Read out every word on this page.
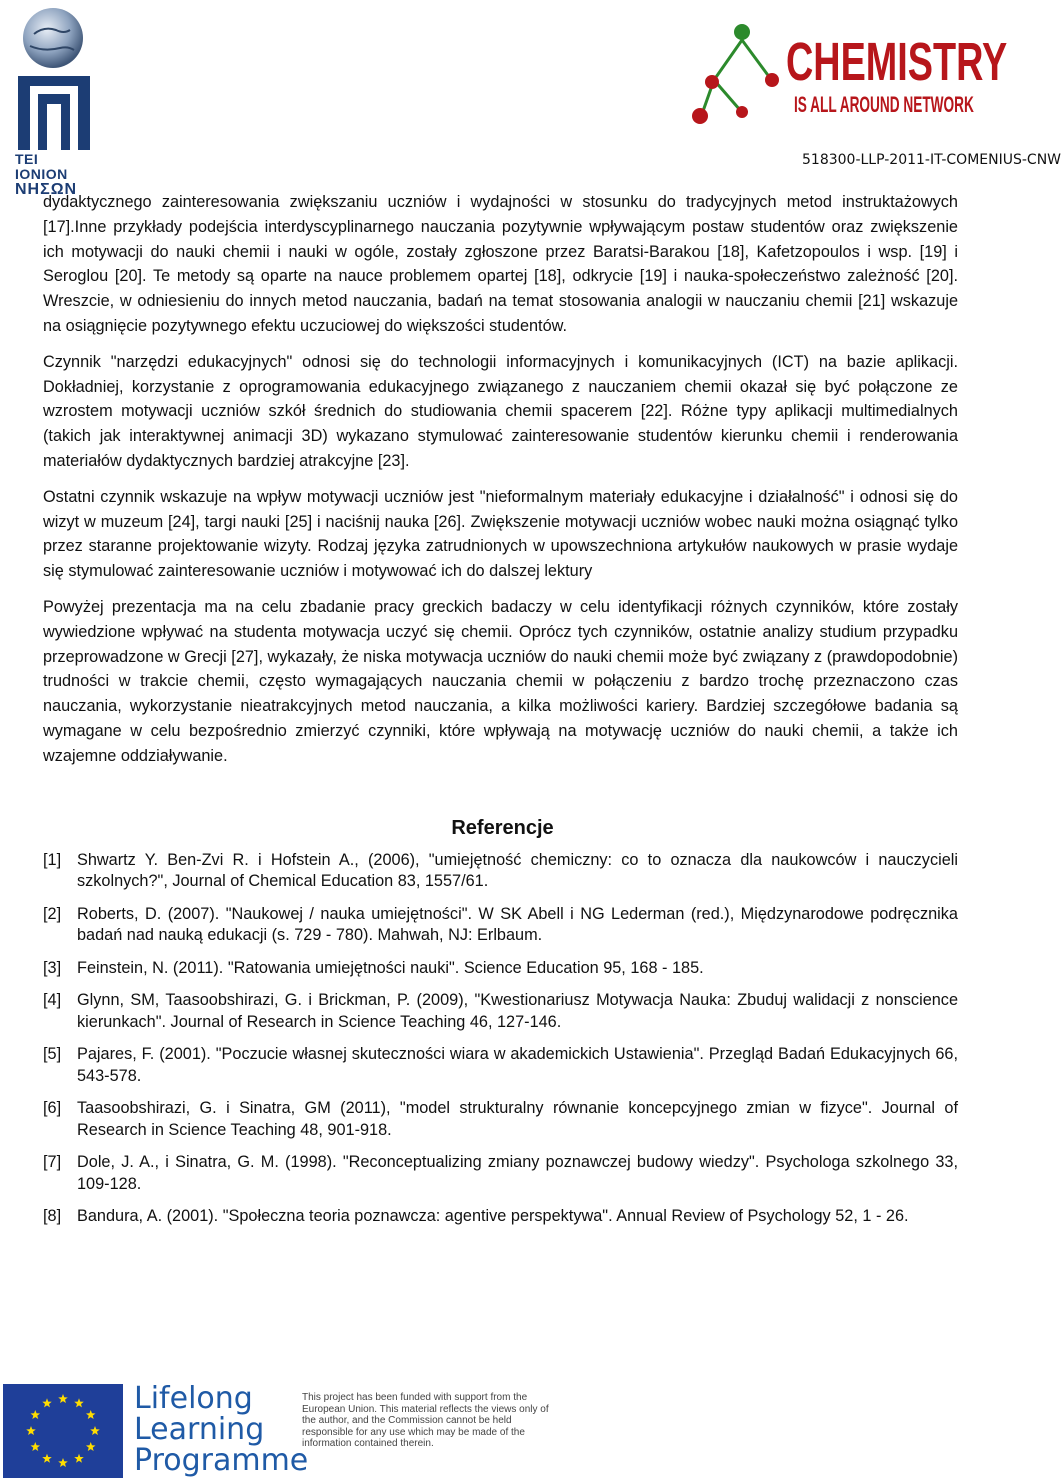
TEI IONION
ΝΗΣΩΝ
CHEMISTRY
IS ALL AROUND NETWORK
518300-LLP-2011-IT-COMENIUS-CNW

dydaktycznego zainteresowania zwiększaniu uczniów i wydajności w stosunku do tradycyjnych metod instruktażowych [17].Inne przykłady podejścia interdyscyplinarnego nauczania pozytywnie wpływającym postaw studentów oraz zwiększenie ich motywacji do nauki chemii i nauki w ogóle, zostały zgłoszone przez Baratsi-Barakou [18], Kafetzopoulos i wsp. [19] i Seroglou [20]. Te metody są oparte na nauce problemem opartej [18], odkrycie [19] i nauka-społeczeństwo zależność [20]. Wreszcie, w odniesieniu do innych metod nauczania, badań na temat stosowania analogii w nauczaniu chemii [21] wskazuje na osiągnięcie pozytywnego efektu uczuciowej do większości studentów.

Czynnik "narzędzi edukacyjnych" odnosi się do technologii informacyjnych i komunikacyjnych (ICT) na bazie aplikacji. Dokładniej, korzystanie z oprogramowania edukacyjnego związanego z nauczaniem chemii okazał się być połączone ze wzrostem motywacji uczniów szkół średnich do studiowania chemii spacerem [22]. Różne typy aplikacji multimedialnych (takich jak interaktywnej animacji 3D) wykazano stymulować zainteresowanie studentów kierunku chemii i renderowania materiałów dydaktycznych bardziej atrakcyjne [23].

Ostatni czynnik wskazuje na wpływ motywacji uczniów jest "nieformalnym materiały edukacyjne i działalność" i odnosi się do wizyt w muzeum [24], targi nauki [25] i naciśnij nauka [26]. Zwiększenie motywacji uczniów wobec nauki można osiągnąć tylko przez staranne projektowanie wizyty. Rodzaj języka zatrudnionych w upowszechniona artykułów naukowych w prasie wydaje się stymulować zainteresowanie uczniów i motywować ich do dalszej lektury

Powyżej prezentacja ma na celu zbadanie pracy greckich badaczy w celu identyfikacji różnych czynników, które zostały wywiedzione wpływać na studenta motywacja uczyć się chemii. Oprócz tych czynników, ostatnie analizy studium przypadku przeprowadzone w Grecji [27], wykazały, że niska motywacja uczniów do nauki chemii może być związany z (prawdopodobnie) trudności w trakcie chemii, często wymagających nauczania chemii w połączeniu z bardzo trochę przeznaczono czas nauczania, wykorzystanie nieatrakcyjnych metod nauczania, a kilka możliwości kariery. Bardziej szczegółowe badania są wymagane w celu bezpośrednio zmierzyć czynniki, które wpływają na motywację uczniów do nauki chemii, a także ich wzajemne oddziaływanie.

Referencje
[1] Shwartz Y. Ben-Zvi R. i Hofstein A., (2006), "umiejętność chemiczny: co to oznacza dla naukowców i nauczycieli szkolnych?", Journal of Chemical Education 83, 1557/61.
[2] Roberts, D. (2007). "Naukowej / nauka umiejętności". W SK Abell i NG Lederman (red.), Międzynarodowe podręcznika badań nad nauką edukacji (s. 729 - 780). Mahwah, NJ: Erlbaum.
[3] Feinstein, N. (2011). "Ratowania umiejętności nauki". Science Education 95, 168 - 185.
[4] Glynn, SM, Taasoobshirazi, G. i Brickman, P. (2009), "Kwestionariusz Motywacja Nauka: Zbuduj walidacji z nonscience kierunkach". Journal of Research in Science Teaching 46, 127-146.
[5] Pajares, F. (2001). "Poczucie własnej skuteczności wiara w akademickich Ustawienia". Przegląd Badań Edukacyjnych 66, 543-578.
[6] Taasoobshirazi, G. i Sinatra, GM (2011), "model strukturalny równanie koncepcyjnego zmian w fizyce". Journal of Research in Science Teaching 48, 901-918.
[7] Dole, J. A., i Sinatra, G. M. (1998). "Reconceptualizing zmiany poznawczej budowy wiedzy". Psychologa szkolnego 33, 109-128.
[8] Bandura, A. (2001). "Społeczna teoria poznawcza: agentive perspektywa". Annual Review of Psychology 52, 1 - 26.
Lifelong
Learning
Programme
This project has been funded with support from the European Union. This material reflects the views only of the author, and the Commission cannot be held responsible for any use which may be made of the information contained therein.
